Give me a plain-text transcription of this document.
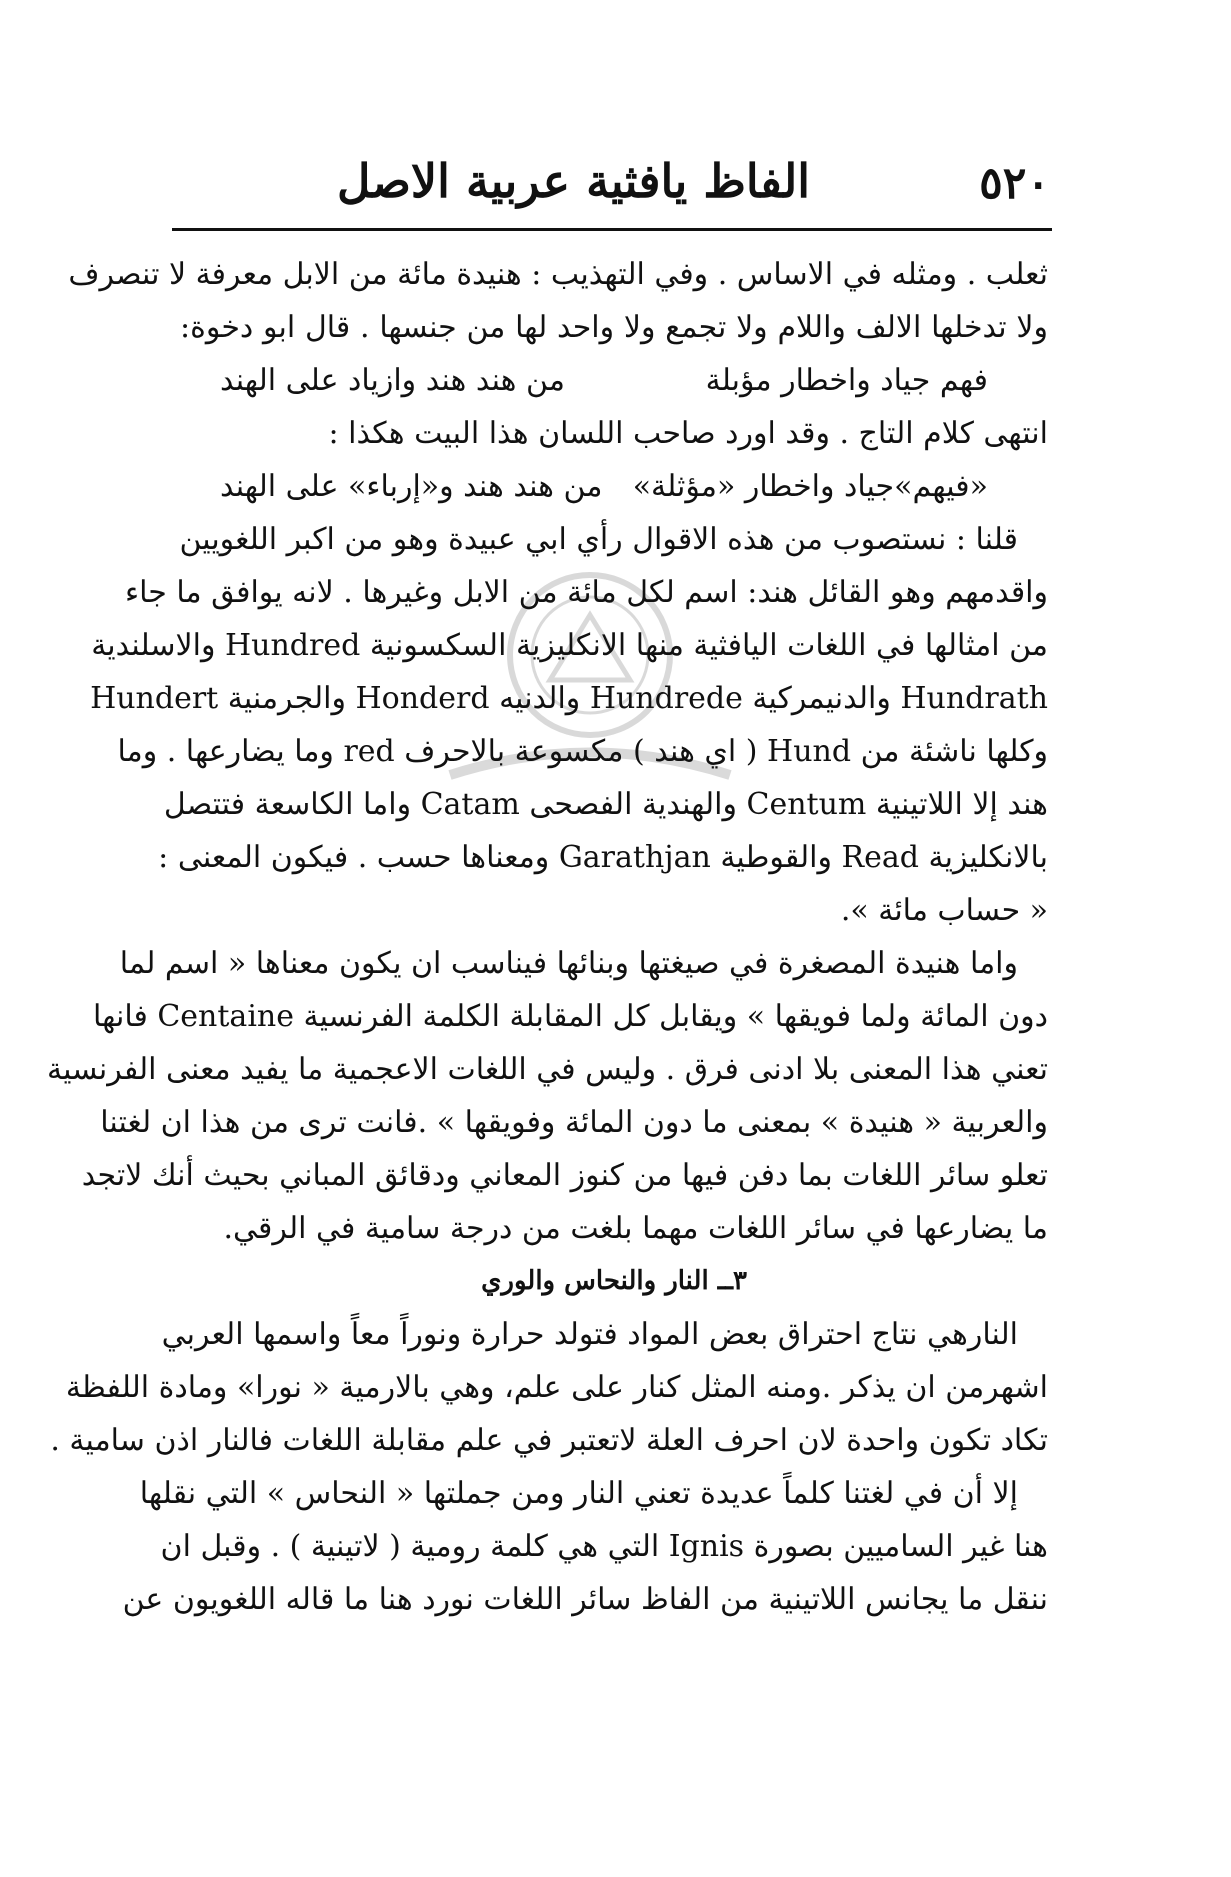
٥٢٠
الفاظ يافثية عربية الاصل
ثعلب . ومثله في الاساس . وفي التهذيب : هنيدة مائة من الابل معرفة لا تنصرف
ولا تدخلها الالف واللام ولا تجمع ولا واحد لها من جنسها . قال ابو دخوة:
فهم جياد واخطار مؤبلة
من هند هند وازياد على الهند
انتهى كلام التاج . وقد اورد صاحب اللسان هذا البيت هكذا :
«فيهم»جياد واخطار «مؤثلة»
من هند هند و«إرباء» على الهند
قلنا : نستصوب من هذه الاقوال رأي ابي عبيدة وهو من اكبر اللغويين
واقدمهم وهو القائل هند: اسم لكل مائة من الابل وغيرها . لانه يوافق ما جاء
من امثالها في اللغات اليافثية منها الانكليزية السكسونية Hundred والاسلندية
Hundrath والدنيمركية Hundrede والدنيه Honderd والجرمنية Hundert
وكلها ناشئة من Hund ( اي هند ) مكسوعة بالاحرف red وما يضارعها . وما
هند إلا اللاتينية Centum والهندية الفصحى Catam واما الكاسعة فتتصل
بالانكليزية Read والقوطية Garathjan ومعناها حسب . فيكون المعنى :
« حساب مائة ».
واما هنيدة المصغرة في صيغتها وبنائها فيناسب ان يكون معناها « اسم لما
دون المائة ولما فويقها » ويقابل كل المقابلة الكلمة الفرنسية Centaine فانها
تعني هذا المعنى بلا ادنى فرق . وليس في اللغات الاعجمية ما يفيد معنى الفرنسية
والعربية « هنيدة » بمعنى ما دون المائة وفويقها » .فانت ترى من هذا ان لغتنا
تعلو سائر اللغات بما دفن فيها من كنوز المعاني ودقائق المباني بحيث أنك لاتجد
ما يضارعها في سائر اللغات مهما بلغت من درجة سامية في الرقي.
٣ــ النار والنحاس والوري
النارهي نتاج احتراق بعض المواد فتولد حرارة ونوراً معاً واسمها العربي
اشهرمن ان يذكر .ومنه المثل كنار على علم، وهي بالارمية « نورا» ومادة اللفظة
تكاد تكون واحدة لان احرف العلة لاتعتبر في علم مقابلة اللغات فالنار اذن سامية .
إلا أن في لغتنا كلماً عديدة تعني النار ومن جملتها « النحاس » التي نقلها
هنا غير الساميين بصورة Ignis التي هي كلمة رومية ( لاتينية ) . وقبل ان
ننقل ما يجانس اللاتينية من الفاظ سائر اللغات نورد هنا ما قاله اللغويون عن
